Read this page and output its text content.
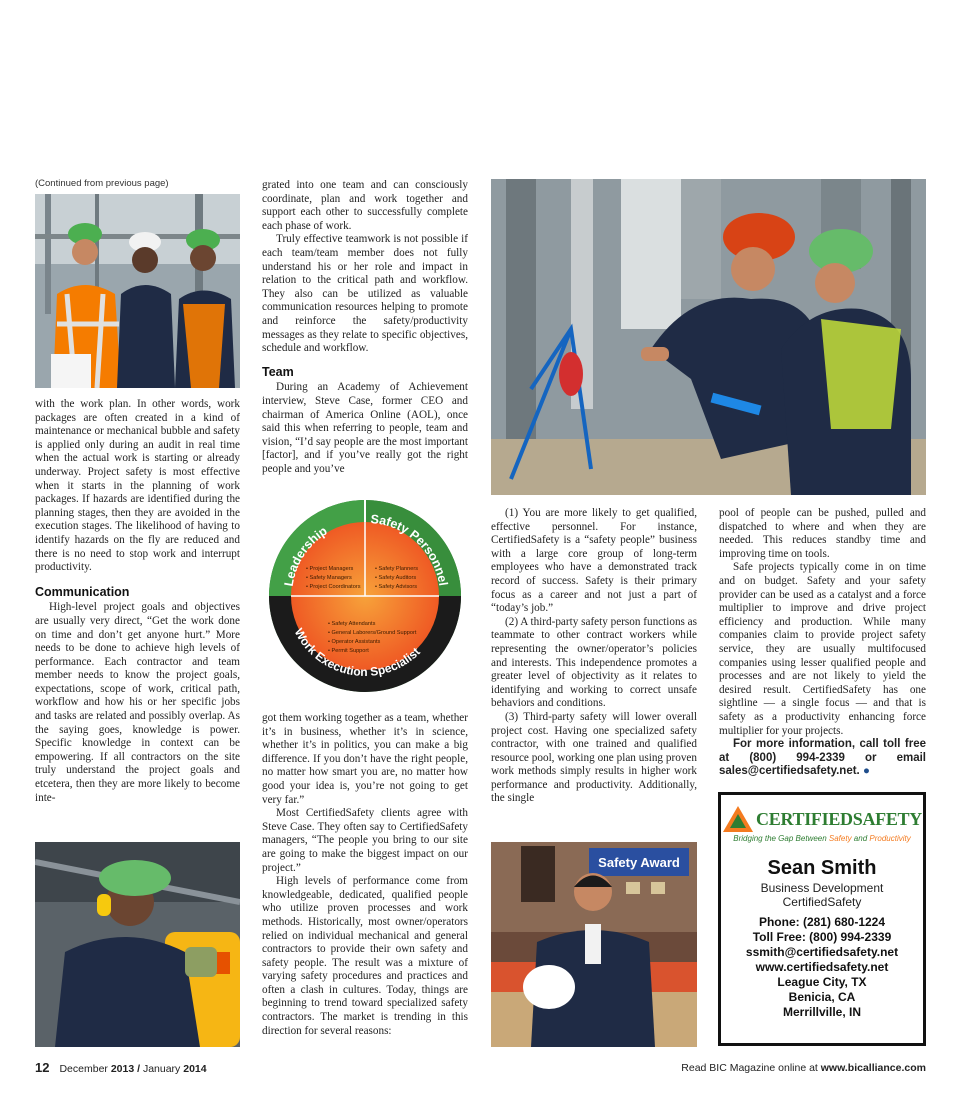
(Continued from previous page)

with the work plan. In other words, work packages are often created in a kind of maintenance or mechanical bubble and safety is applied only during an audit in real time when the actual work is starting or already underway. Project safety is most effective when it starts in the planning of work packages. If hazards are identified during the planning stages, then they are avoided in the execution stages. The likelihood of having to identify hazards on the fly are reduced and there is no need to stop work and interrupt productivity.

Communication

High-level project goals and objectives are usually very direct, “Get the work done on time and don’t get anyone hurt.” More needs to be done to achieve high levels of performance. Each contractor and team member needs to know the project goals, expectations, scope of work, critical path, workflow and how his or her specific jobs and tasks are related and possibly overlap. As the saying goes, knowledge is power. Specific knowledge in context can be empowering. If all contractors on the site truly understand the project goals and etcetera, then they are more likely to become inte-

grated into one team and can consciously coordinate, plan and work together and support each other to successfully complete each phase of work.

Truly effective teamwork is not possible if each team/team member does not fully understand his or her role and impact in relation to the critical path and workflow. They also can be utilized as valuable communication resources helping to promote and reinforce the safety/productivity messages as they relate to specific objectives, schedule and workflow.

Team

During an Academy of Achievement interview, Steve Case, former CEO and chairman of America Online (AOL), once said this when referring to people, team and vision, “I’d say people are the most important [factor], and if you’ve really got the right people and you’ve

Leadership
Safety Personnel
Work Execution Specialist
• Project Managers
• Safety Managers
• Project Coordinators
• Safety Planners
• Safety Auditors
• Safety Advisors
• Safety Attendants
• General Laborers/Ground Support
• Operator Assistants
• Permit Support

got them working together as a team, whether it’s in business, whether it’s in science, whether it’s in politics, you can make a big difference. If you don’t have the right people, no matter how smart you are, no matter how good your idea is, you’re not going to get very far.”

Most CertifiedSafety clients agree with Steve Case. They often say to CertifiedSafety managers, “The people you bring to our site are going to make the biggest impact on our project.”

High levels of performance come from knowledgeable, dedicated, qualified people who utilize proven processes and work methods. Historically, most owner/operators relied on individual mechanical and general contractors to provide their own safety and safety people. The result was a mixture of varying safety procedures and practices and often a clash in cultures. Today, things are beginning to trend toward specialized safety contractors. The market is trending in this direction for several reasons:

(1) You are more likely to get qualified, effective personnel. For instance, CertifiedSafety is a “safety people” business with a large core group of long-term employees who have a demonstrated track record of success. Safety is their primary focus as a career and not just a part of “today’s job.”

(2) A third-party safety person functions as teammate to other contract workers while representing the owner/operator’s policies and interests. This independence promotes a greater level of objectivity as it relates to identifying and working to correct unsafe behaviors and conditions.

(3) Third-party safety will lower overall project cost. Having one specialized safety contractor, with one trained and qualified resource pool, working one plan using proven work methods simply results in higher work performance and productivity. Additionally, the single

Safety Award

pool of people can be pushed, pulled and dispatched to where and when they are needed. This reduces standby time and improving time on tools.

Safe projects typically come in on time and on budget. Safety and your safety provider can be used as a catalyst and a force multiplier to improve and drive project efficiency and production. While many companies claim to provide project safety service, they are usually multifocused companies using lesser qualified people and processes and are not likely to yield the desired result. CertifiedSafety has one sightline — a single focus — and that is safety as a productivity enhancing force multiplier for your projects.

For more information, call toll free at (800) 994-2339 or email sales@certifiedsafety.net. ●

CERTIFIEDSAFETY
Bridging the Gap Between Safety and Productivity
Sean Smith
Business Development
CertifiedSafety
Phone: (281) 680-1224
Toll Free: (800) 994-2339
ssmith@certifiedsafety.net
www.certifiedsafety.net
League City, TX
Benicia, CA
Merrillville, IN
12 December 2013 / January 2014	Read BIC Magazine online at www.bicalliance.com
